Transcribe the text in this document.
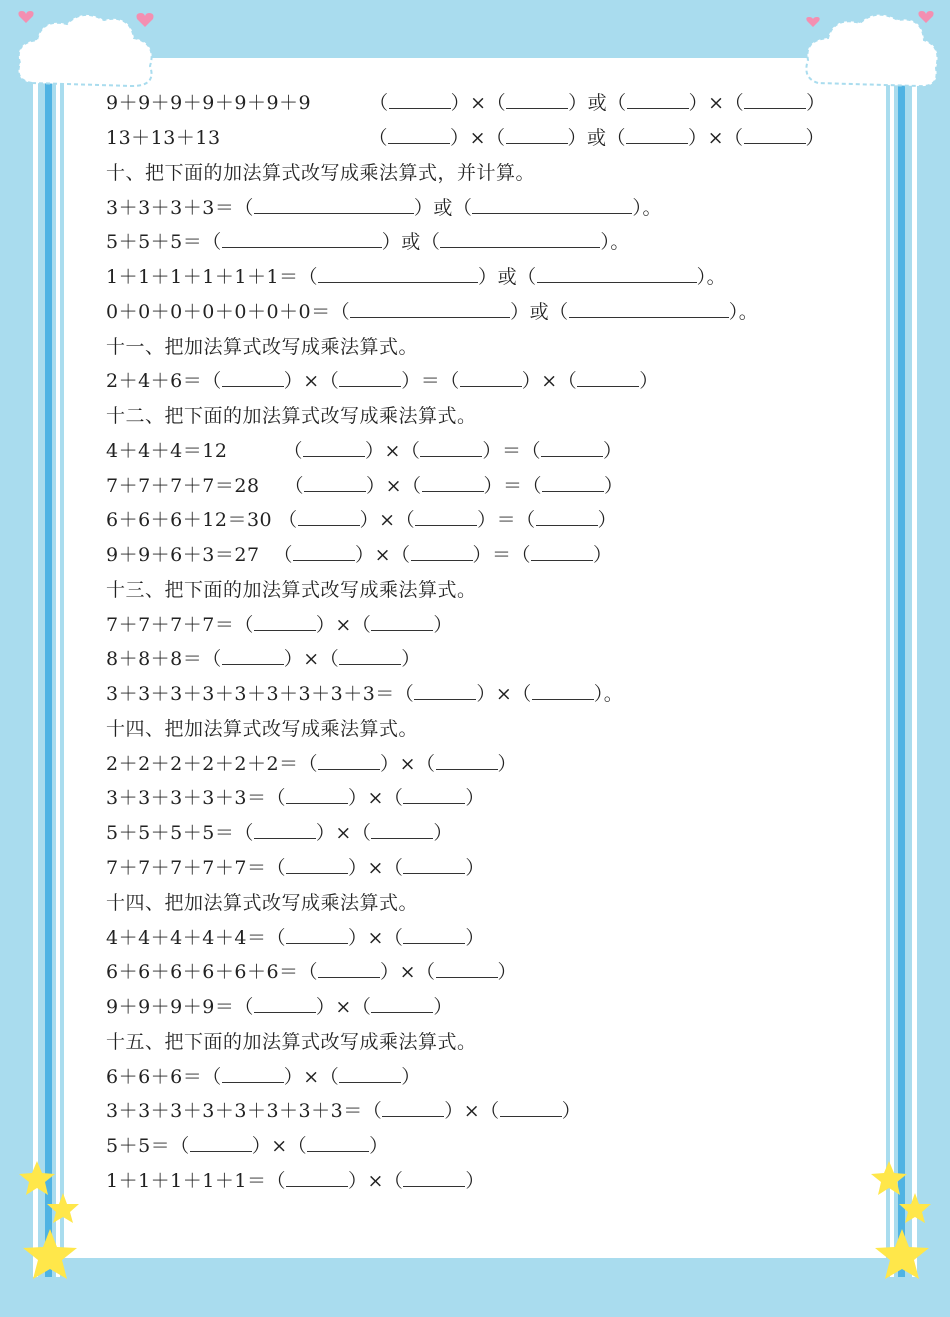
9＋9＋9＋9＋9＋9＋9	（	）×（	）或（	）×（	）
13＋13＋13	（	）×（	）或（	）×（	）
十、把下面的加法算式改写成乘法算式，并计算。
3＋3＋3＋3＝（	）或（	）。
5＋5＋5＝（	）或（	）。
1＋1＋1＋1＋1＋1＝（	）或（	）。
0＋0＋0＋0＋0＋0＋0＝（	）或（	）。
十一、把加法算式改写成乘法算式。
2＋4＋6＝（	）×（	）＝（	）×（	）
十二、把下面的加法算式改写成乘法算式。
4＋4＋4＝12	（	）×（	）＝（	）
7＋7＋7＋7＝28 （	）×（	）＝（	）
6＋6＋6＋12＝30 （	）×（	）＝（	）
9＋9＋6＋3＝27 （	）×（	）＝（	）
十三、把下面的加法算式改写成乘法算式。
7＋7＋7＋7＝（	）×（	）
8＋8＋8＝（	）×（	）
3＋3＋3＋3＋3＋3＋3＋3＋3＝（	）×（	）。
十四、把加法算式改写成乘法算式。
2＋2＋2＋2＋2＋2＝（	）×（	）
3＋3＋3＋3＋3＝（	）×（	）
5＋5＋5＋5＝（	）×（	）
7＋7＋7＋7＋7＝（	）×（	）
十四、把加法算式改写成乘法算式。
4＋4＋4＋4＋4＝（	）×（	）
6＋6＋6＋6＋6＋6＝（	）×（	）
9＋9＋9＋9＝（	）×（	）
十五、把下面的加法算式改写成乘法算式。
6＋6＋6＝（	）×（	）
3＋3＋3＋3＋3＋3＋3＋3＝（	）×（	）
5＋5＝（	）×（	）
1＋1＋1＋1＋1＝（	）×（	）
